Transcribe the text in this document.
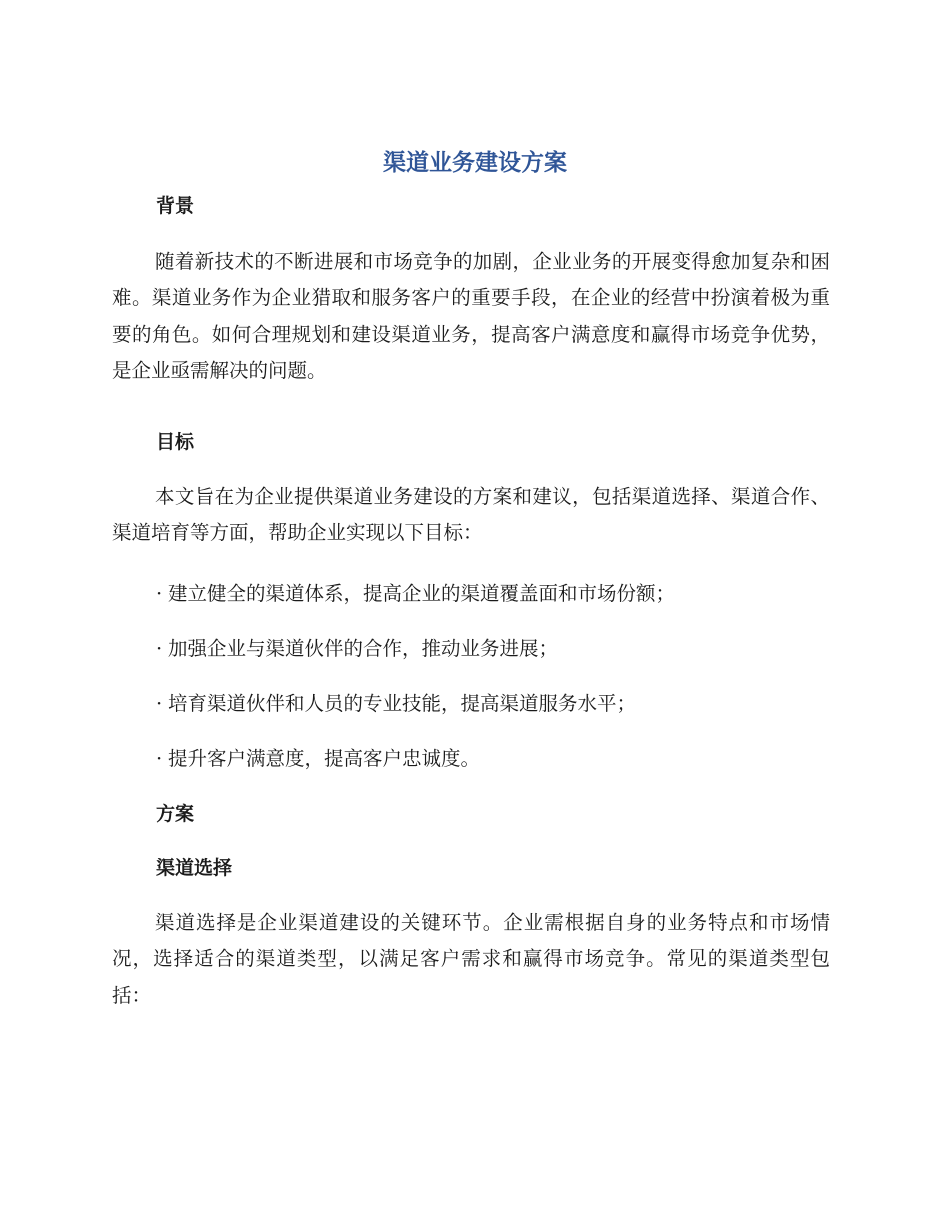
渠道业务建设方案
背景
随着新技术的不断进展和市场竞争的加剧，企业业务的开展变得愈加复杂和困难。渠道业务作为企业猎取和服务客户的重要手段，在企业的经营中扮演着极为重要的角色。如何合理规划和建设渠道业务，提高客户满意度和赢得市场竞争优势，是企业亟需解决的问题。
目标
本文旨在为企业提供渠道业务建设的方案和建议，包括渠道选择、渠道合作、渠道培育等方面，帮助企业实现以下目标：
· 建立健全的渠道体系，提高企业的渠道覆盖面和市场份额；
· 加强企业与渠道伙伴的合作，推动业务进展；
· 培育渠道伙伴和人员的专业技能，提高渠道服务水平；
· 提升客户满意度，提高客户忠诚度。
方案
渠道选择
渠道选择是企业渠道建设的关键环节。企业需根据自身的业务特点和市场情况，选择适合的渠道类型，以满足客户需求和赢得市场竞争。常见的渠道类型包括：
